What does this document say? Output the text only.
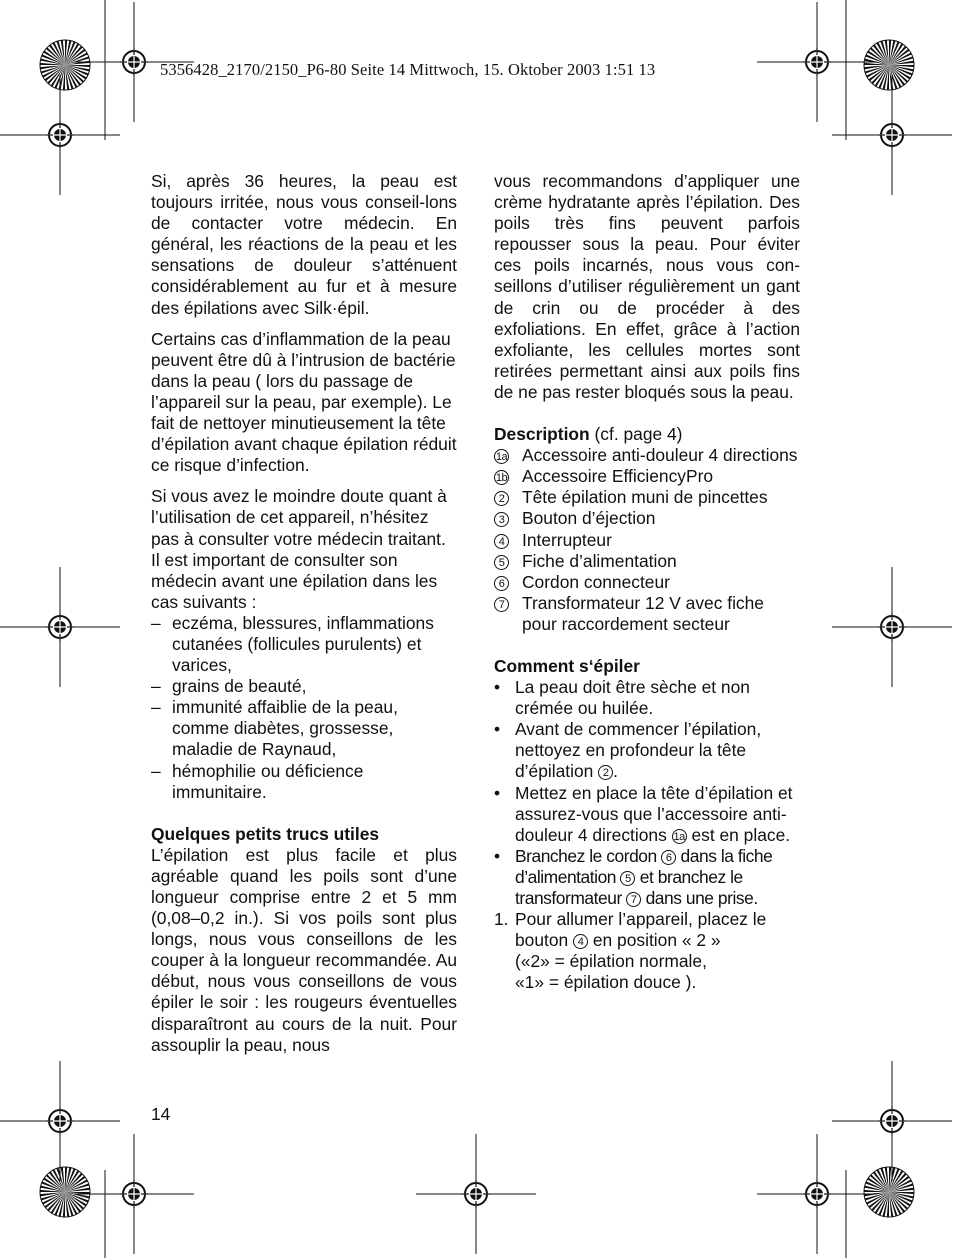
5356428_2170/2150_P6-80 Seite 14 Mittwoch, 15. Oktober 2003 1:51 13

Si, après 36 heures, la peau est toujours irritée, nous vous conseil-lons de contacter votre médecin. En général, les réactions de la peau et les sensations de douleur s’atténuent considérablement au fur et à mesure des épilations avec Silk·épil.

Certains cas d’inflammation de la peau peuvent être dû à l’intrusion de bactérie dans la peau ( lors du passage de l’appareil sur la peau, par exemple). Le fait de nettoyer minutieusement la tête d’épilation avant chaque épilation réduit ce risque d’infection.

Si vous avez le moindre doute quant à l’utilisation de cet appareil, n’hésitez pas à consulter votre médecin traitant. Il est important de consulter son médecin avant une épilation dans les cas suivants :

– eczéma, blessures, inflammations cutanées (follicules purulents) et varices,
– grains de beauté,
– immunité affaiblie de la peau, comme diabètes, grossesse, maladie de Raynaud,
– hémophilie ou déficience immunitaire.
Quelques petits trucs utiles
L’épilation est plus facile et plus agréable quand les poils sont d’une longueur comprise entre 2 et 5 mm (0,08–0,2 in.). Si vos poils sont plus longs, nous vous conseillons de les couper à la longueur recommandée. Au début, nous vous conseillons de vous épiler le soir : les rougeurs éventuelles disparaîtront au cours de la nuit. Pour assouplir la peau, nous

vous recommandons d’appliquer une crème hydratante après l’épilation. Des poils très fins peuvent parfois repousser sous la peau. Pour éviter ces poils incarnés, nous vous con-seillons d’utiliser régulièrement un gant de crin ou de procéder à des exfoliations. En effet, grâce à l’action exfoliante, les cellules mortes sont retirées permettant ainsi aux poils fins de ne pas rester bloqués sous la peau.

Description (cf. page 4)
1a Accessoire anti-douleur 4 directions
1b Accessoire EfficiencyPro
2 Tête épilation muni de pincettes
3 Bouton d’éjection
4 Interrupteur
5 Fiche d’alimentation
6 Cordon connecteur
7 Transformateur 12 V avec fiche pour raccordement secteur
Comment s‘épiler
• La peau doit être sèche et non crémée ou huilée.
• Avant de commencer l’épilation, nettoyez en profondeur la tête d’épilation 2 .
• Mettez en place la tête d’épilation et assurez-vous que l’accessoire anti-douleur 4 directions 1a est en place.
• Branchez le cordon 6 dans la fiche d’alimentation 5 et branchez le transformateur 7 dans une prise.
1. Pour allumer l’appareil, placez le bouton 4 en position « 2 »
(«2» = épilation normale,
«1» = épilation douce ).
14
